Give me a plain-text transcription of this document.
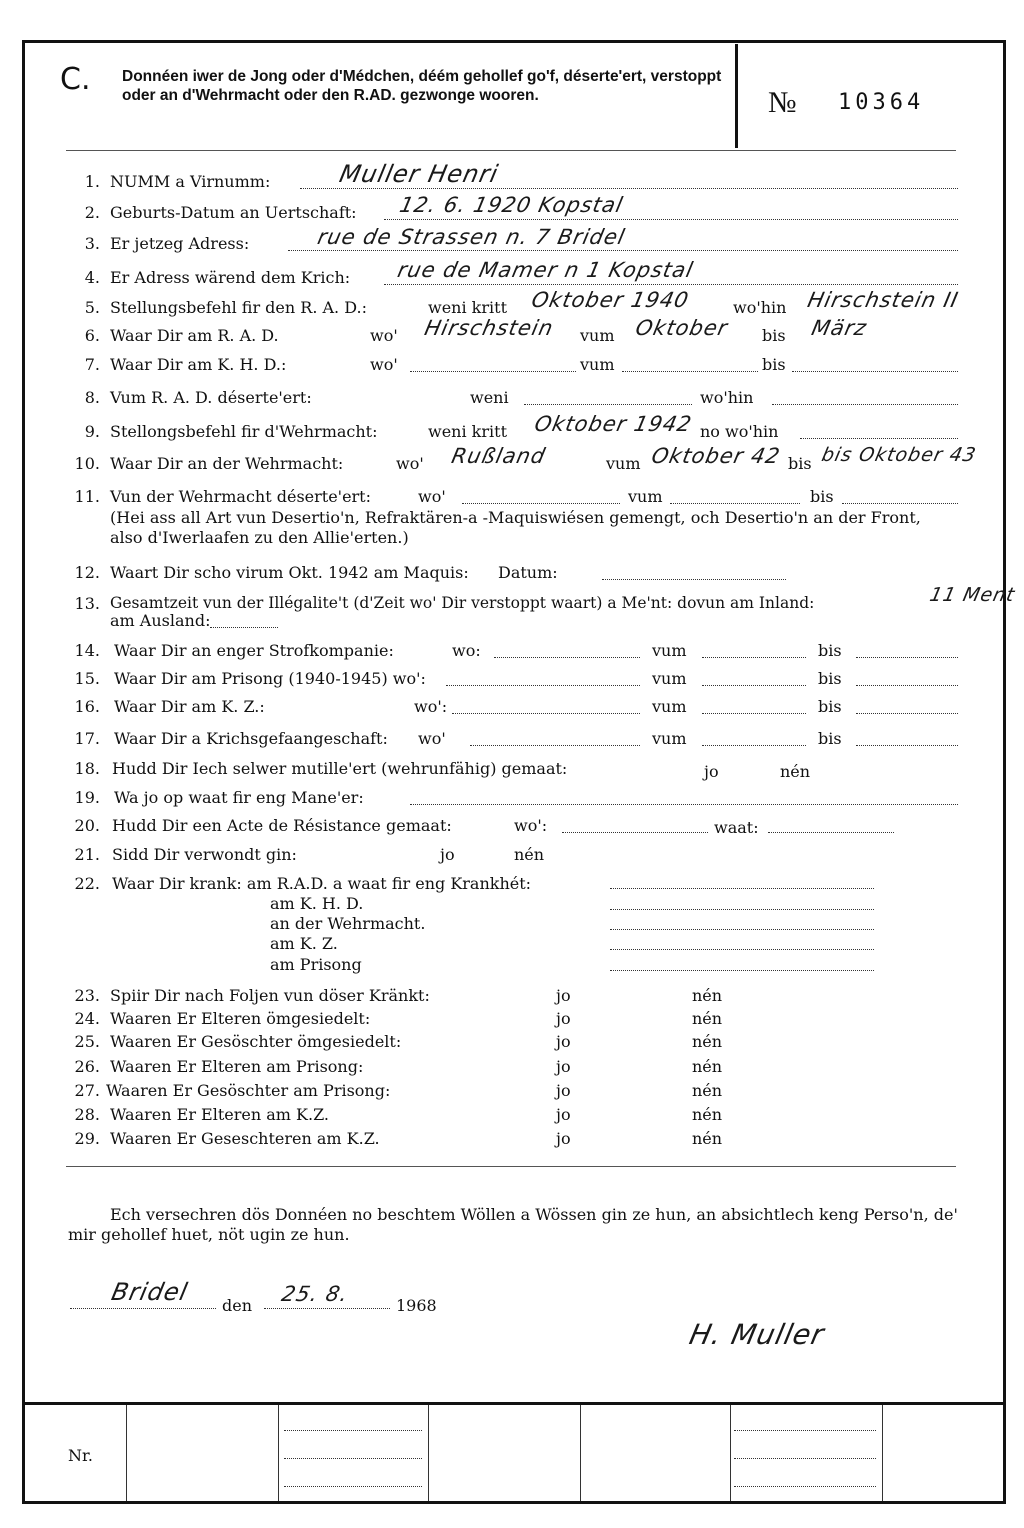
C. Donnéen iwer de Jong oder d'Médchen, déém gehollef go'f, déserte'ert, verstoppt oder an d'Wehrmacht oder den R.AD. gezwonge wooren.	№ 10364
1. NUMM a Virnumm:	Muller Henri
2. Geburts-Datum an Uertschaft: 12. 6. 1920 Kopstal
3. Er jetzeg Adress:	rue de Strassen n. 7 Bridel
4. Er Adress wärend dem Krich: rue de Mamer n 1 Kopstal
5. Stellungsbefehl fir den R. A. D.:	weni kritt Oktober 1940	wo'hin Hirschstein II
6. Waar Dir am R. A. D.	wo' Hirschstein vum Oktober bis März
7. Waar Dir am K. H. D.:	wo'	vum	bis
8. Vum R. A. D. déserte'ert:	weni	wo'hin
9. Stellongsbefehl fir d'Wehrmacht:	weni kritt Oktober 1942 no wo'hin
10. Waar Dir an der Wehrmacht:	wo' Rußland	vum Oktober 42 bis bis Oktober 43
11. Vun der Wehrmacht déserte'ert:	wo'	vum	bis
(Hei ass all Art vun Desertio'n, Refraktären-a -Maquiswiésen gemengt, och Desertio'n an der Front, also d'Iwerlaafen zu den Allie'erten.)
12. Waart Dir scho virum Okt. 1942 am Maquis: Datum:
13. Gesamtzeit vun der Illégalite't (d'Zeit wo' Dir verstoppt waart) a Me'nt: dovun am Inland:	11 Ment
am Ausland:
14. Waar Dir an enger Strofkompanie:	wo:	vum	bis
15. Waar Dir am Prisong (1940-1945) wo':	vum	bis
16. Waar Dir am K. Z.:	wo':	vum	bis
17. Waar Dir a Krichsgefaangeschaft: wo'	vum	bis
18. Hudd Dir Iech selwer mutille'ert (wehrunfähig) gemaat:	jo	nén
19. Wa jo op waat fir eng Mane'er:
20. Hudd Dir een Acte de Résistance gemaat:	wo':	waat:
21. Sidd Dir verwondt gin:	jo	nén
22. Waar Dir krank: am R.A.D. a waat fir eng Krankhét:
am K. H. D.
an der Wehrmacht.
am K. Z.
am Prisong
23. Spiir Dir nach Foljen vun döser Kränkt:	jo	nén
24. Waaren Er Elteren ömgesiedelt:	jo	nén
25. Waaren Er Gesöschter ömgesiedelt:	jo	nén
26. Waaren Er Elteren am Prisong:	jo	nén
27. Waaren Er Gesöschter am Prisong:	jo	nén
28. Waaren Er Elteren am K.Z.	jo	nén
29. Waaren Er Geseschteren am K.Z.	jo	nén
Ech versechren dös Donnéen no beschtem Wöllen a Wössen gin ze hun, an absichtlech keng Perso'n, de' mir gehollef huet, nöt ugin ze hun.
Bridel den 25. 8.	1968
H. Muller
Nr.
